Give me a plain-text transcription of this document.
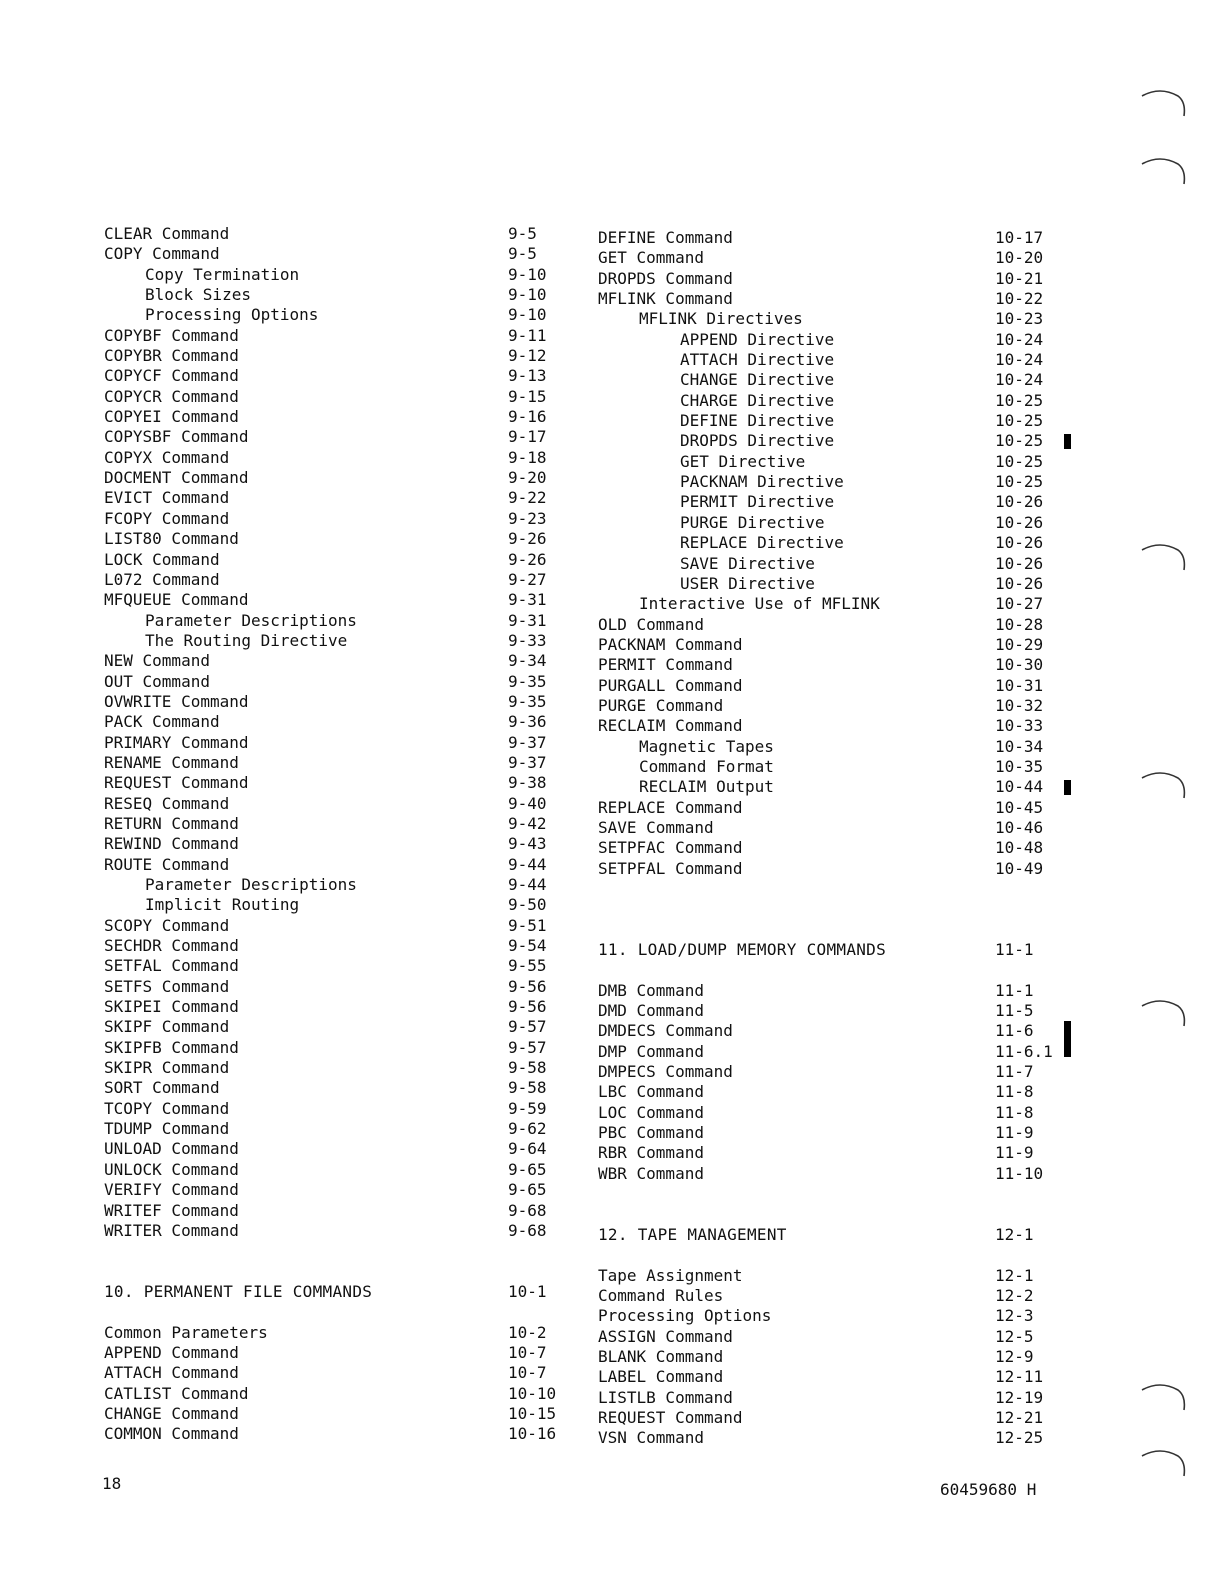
CLEAR Command	9-5
COPY Command	9-5
Copy Termination	9-10
Block Sizes	9-10
Processing Options	9-10
COPYBF Command	9-11
COPYBR Command	9-12
COPYCF Command	9-13
COPYCR Command	9-15
COPYEI Command	9-16
COPYSBF Command	9-17
COPYX Command	9-18
DOCMENT Command	9-20
EVICT Command	9-22
FCOPY Command	9-23
LIST80 Command	9-26
LOCK Command	9-26
L072 Command	9-27
MFQUEUE Command	9-31
Parameter Descriptions	9-31
The Routing Directive	9-33
NEW Command	9-34
OUT Command	9-35
OVWRITE Command	9-35
PACK Command	9-36
PRIMARY Command	9-37
RENAME Command	9-37
REQUEST Command	9-38
RESEQ Command	9-40
RETURN Command	9-42
REWIND Command	9-43
ROUTE Command	9-44
Parameter Descriptions	9-44
Implicit Routing	9-50
SCOPY Command	9-51
SECHDR Command	9-54
SETFAL Command	9-55
SETFS Command	9-56
SKIPEI Command	9-56
SKIPF Command	9-57
SKIPFB Command	9-57
SKIPR Command	9-58
SORT Command	9-58
TCOPY Command	9-59
TDUMP Command	9-62
UNLOAD Command	9-64
UNLOCK Command	9-65
VERIFY Command	9-65
WRITEF Command	9-68
WRITER Command	9-68
10. PERMANENT FILE COMMANDS	10-1
Common Parameters	10-2
APPEND Command	10-7
ATTACH Command	10-7
CATLIST Command	10-10
CHANGE Command	10-15
COMMON Command	10-16
DEFINE Command	10-17
GET Command	10-20
DROPDS Command	10-21
MFLINK Command	10-22
MFLINK Directives	10-23
APPEND Directive	10-24
ATTACH Directive	10-24
CHANGE Directive	10-24
CHARGE Directive	10-25
DEFINE Directive	10-25
DROPDS Directive	10-25
GET Directive	10-25
PACKNAM Directive	10-25
PERMIT Directive	10-26
PURGE Directive	10-26
REPLACE Directive	10-26
SAVE Directive	10-26
USER Directive	10-26
Interactive Use of MFLINK	10-27
OLD Command	10-28
PACKNAM Command	10-29
PERMIT Command	10-30
PURGALL Command	10-31
PURGE Command	10-32
RECLAIM Command	10-33
Magnetic Tapes	10-34
Command Format	10-35
RECLAIM Output	10-44
REPLACE Command	10-45
SAVE Command	10-46
SETPFAC Command	10-48
SETPFAL Command	10-49
11. LOAD/DUMP MEMORY COMMANDS	11-1
DMB Command	11-1
DMD Command	11-5
DMDECS Command	11-6
DMP Command	11-6.1
DMPECS Command	11-7
LBC Command	11-8
LOC Command	11-8
PBC Command	11-9
RBR Command	11-9
WBR Command	11-10
12. TAPE MANAGEMENT	12-1
Tape Assignment	12-1
Command Rules	12-2
Processing Options	12-3
ASSIGN Command	12-5
BLANK Command	12-9
LABEL Command	12-11
LISTLB Command	12-19
REQUEST Command	12-21
VSN Command	12-25
18	60459680 H
